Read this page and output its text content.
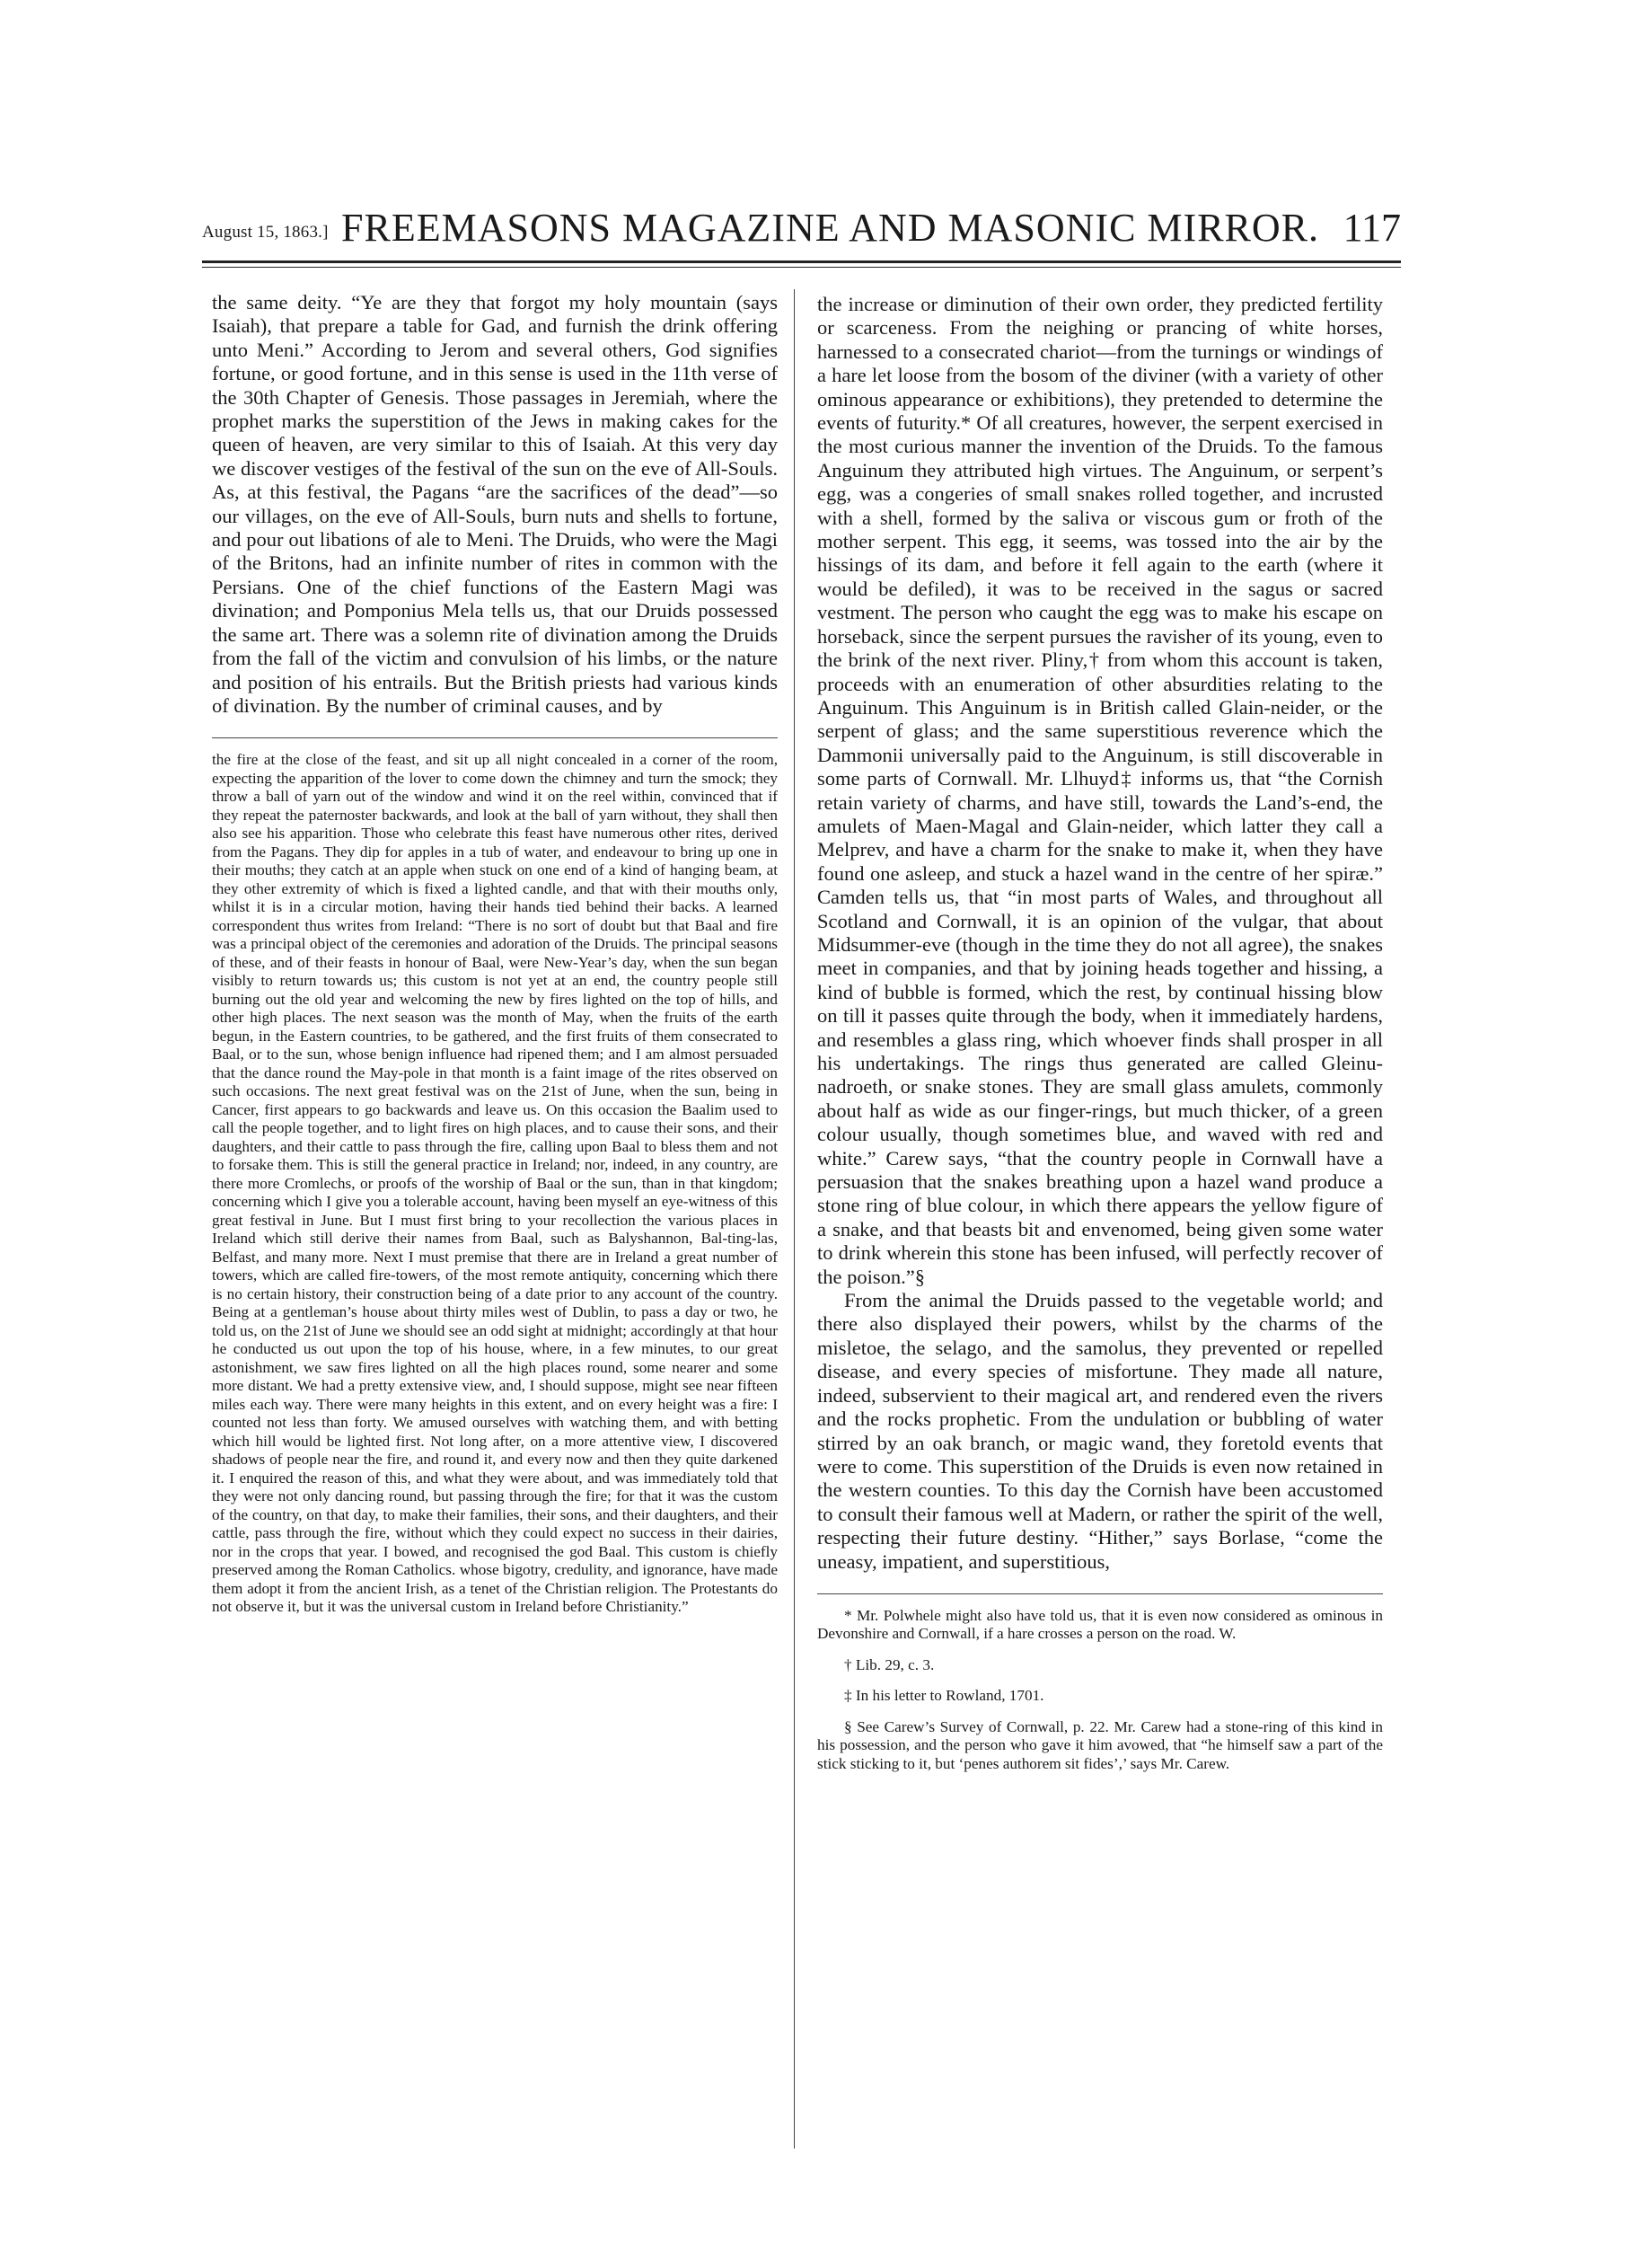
August 15, 1863.] FREEMASONS MAGAZINE AND MASONIC MIRROR. 117
the same deity. “Ye are they that forgot my holy mountain (says Isaiah), that prepare a table for Gad, and furnish the drink offering unto Meni.” According to Jerom and several others, God signifies fortune, or good fortune, and in this sense is used in the 11th verse of the 30th Chapter of Genesis. Those passages in Jeremiah, where the prophet marks the superstition of the Jews in making cakes for the queen of heaven, are very similar to this of Isaiah. At this very day we discover vestiges of the festival of the sun on the eve of All-Souls. As, at this festival, the Pagans “are the sacrifices of the dead”—so our villages, on the eve of All-Souls, burn nuts and shells to fortune, and pour out libations of ale to Meni. The Druids, who were the Magi of the Britons, had an infinite number of rites in common with the Persians. One of the chief functions of the Eastern Magi was divination; and Pomponius Mela tells us, that our Druids possessed the same art. There was a solemn rite of divination among the Druids from the fall of the victim and convulsion of his limbs, or the nature and position of his entrails. But the British priests had various kinds of divination. By the number of criminal causes, and by
the fire at the close of the feast, and sit up all night concealed in a corner of the room, expecting the apparition of the lover to come down the chimney and turn the smock; they throw a ball of yarn out of the window and wind it on the reel within, convinced that if they repeat the paternoster backwards, and look at the ball of yarn without, they shall then also see his apparition. Those who celebrate this feast have numerous other rites, derived from the Pagans. They dip for apples in a tub of water, and endeavour to bring up one in their mouths; they catch at an apple when stuck on one end of a kind of hanging beam, at they other extremity of which is fixed a lighted candle, and that with their mouths only, whilst it is in a circular motion, having their hands tied behind their backs. A learned correspondent thus writes from Ireland: “There is no sort of doubt but that Baal and fire was a principal object of the ceremonies and adoration of the Druids. The principal seasons of these, and of their feasts in honour of Baal, were New-Year’s day, when the sun began visibly to return towards us; this custom is not yet at an end, the country people still burning out the old year and welcoming the new by fires lighted on the top of hills, and other high places. The next season was the month of May, when the fruits of the earth begun, in the Eastern countries, to be gathered, and the first fruits of them consecrated to Baal, or to the sun, whose benign influence had ripened them; and I am almost persuaded that the dance round the May-pole in that month is a faint image of the rites observed on such occasions. The next great festival was on the 21st of June, when the sun, being in Cancer, first appears to go backwards and leave us. On this occasion the Baalim used to call the people together, and to light fires on high places, and to cause their sons, and their daughters, and their cattle to pass through the fire, calling upon Baal to bless them and not to forsake them. This is still the general practice in Ireland; nor, indeed, in any country, are there more Cromlechs, or proofs of the worship of Baal or the sun, than in that kingdom; concerning which I give you a tolerable account, having been myself an eye-witness of this great festival in June. But I must first bring to your recollection the various places in Ireland which still derive their names from Baal, such as Balyshannon, Bal-ting-las, Belfast, and many more. Next I must premise that there are in Ireland a great number of towers, which are called fire-towers, of the most remote antiquity, concerning which there is no certain history, their construction being of a date prior to any account of the country. Being at a gentleman’s house about thirty miles west of Dublin, to pass a day or two, he told us, on the 21st of June we should see an odd sight at midnight; accordingly at that hour he conducted us out upon the top of his house, where, in a few minutes, to our great astonishment, we saw fires lighted on all the high places round, some nearer and some more distant. We had a pretty extensive view, and, I should suppose, might see near fifteen miles each way. There were many heights in this extent, and on every height was a fire: I counted not less than forty. We amused ourselves with watching them, and with betting which hill would be lighted first. Not long after, on a more attentive view, I discovered shadows of people near the fire, and round it, and every now and then they quite darkened it. I enquired the reason of this, and what they were about, and was immediately told that they were not only dancing round, but passing through the fire; for that it was the custom of the country, on that day, to make their families, their sons, and their daughters, and their cattle, pass through the fire, without which they could expect no success in their dairies, nor in the crops that year. I bowed, and recognised the god Baal. This custom is chiefly preserved among the Roman Catholics. whose bigotry, credulity, and ignorance, have made them adopt it from the ancient Irish, as a tenet of the Christian religion. The Protestants do not observe it, but it was the universal custom in Ireland before Christianity.”

the increase or diminution of their own order, they predicted fertility or scarceness. From the neighing or prancing of white horses, harnessed to a consecrated chariot—from the turnings or windings of a hare let loose from the bosom of the diviner (with a variety of other ominous appearance or exhibitions), they pretended to determine the events of futurity.* Of all creatures, however, the serpent exercised in the most curious manner the invention of the Druids. To the famous Anguinum they attributed high virtues. The Anguinum, or serpent’s egg, was a congeries of small snakes rolled together, and incrusted with a shell, formed by the saliva or viscous gum or froth of the mother serpent. This egg, it seems, was tossed into the air by the hissings of its dam, and before it fell again to the earth (where it would be defiled), it was to be received in the sagus or sacred vestment. The person who caught the egg was to make his escape on horseback, since the serpent pursues the ravisher of its young, even to the brink of the next river. Pliny,† from whom this account is taken, proceeds with an enumeration of other absurdities relating to the Anguinum. This Anguinum is in British called Glain-neider, or the serpent of glass; and the same superstitious reverence which the Dammonii universally paid to the Anguinum, is still discoverable in some parts of Cornwall. Mr. Llhuyd‡ informs us, that “the Cornish retain variety of charms, and have still, towards the Land’s-end, the amulets of Maen-Magal and Glain-neider, which latter they call a Melprev, and have a charm for the snake to make it, when they have found one asleep, and stuck a hazel wand in the centre of her spiræ.” Camden tells us, that “in most parts of Wales, and throughout all Scotland and Cornwall, it is an opinion of the vulgar, that about Midsummer-eve (though in the time they do not all agree), the snakes meet in companies, and that by joining heads together and hissing, a kind of bubble is formed, which the rest, by continual hissing blow on till it passes quite through the body, when it immediately hardens, and resembles a glass ring, which whoever finds shall prosper in all his undertakings. The rings thus generated are called Gleinu-nadroeth, or snake stones. They are small glass amulets, commonly about half as wide as our finger-rings, but much thicker, of a green colour usually, though sometimes blue, and waved with red and white.” Carew says, “that the country people in Cornwall have a persuasion that the snakes breathing upon a hazel wand produce a stone ring of blue colour, in which there appears the yellow figure of a snake, and that beasts bit and envenomed, being given some water to drink wherein this stone has been infused, will perfectly recover of the poison.”§

From the animal the Druids passed to the vegetable world; and there also displayed their powers, whilst by the charms of the misletoe, the selago, and the samolus, they prevented or repelled disease, and every species of misfortune. They made all nature, indeed, subservient to their magical art, and rendered even the rivers and the rocks prophetic. From the undulation or bubbling of water stirred by an oak branch, or magic wand, they foretold events that were to come. This superstition of the Druids is even now retained in the western counties. To this day the Cornish have been accustomed to consult their famous well at Madern, or rather the spirit of the well, respecting their future destiny. “Hither,” says Borlase, “come the uneasy, impatient, and superstitious,

* Mr. Polwhele might also have told us, that it is even now considered as ominous in Devonshire and Cornwall, if a hare crosses a person on the road. W.

† Lib. 29, c. 3.

‡ In his letter to Rowland, 1701.

§ See Carew’s Survey of Cornwall, p. 22. Mr. Carew had a stone-ring of this kind in his possession, and the person who gave it him avowed, that “he himself saw a part of the stick sticking to it, but ‘penes authorem sit fides’,’ says Mr. Carew.
